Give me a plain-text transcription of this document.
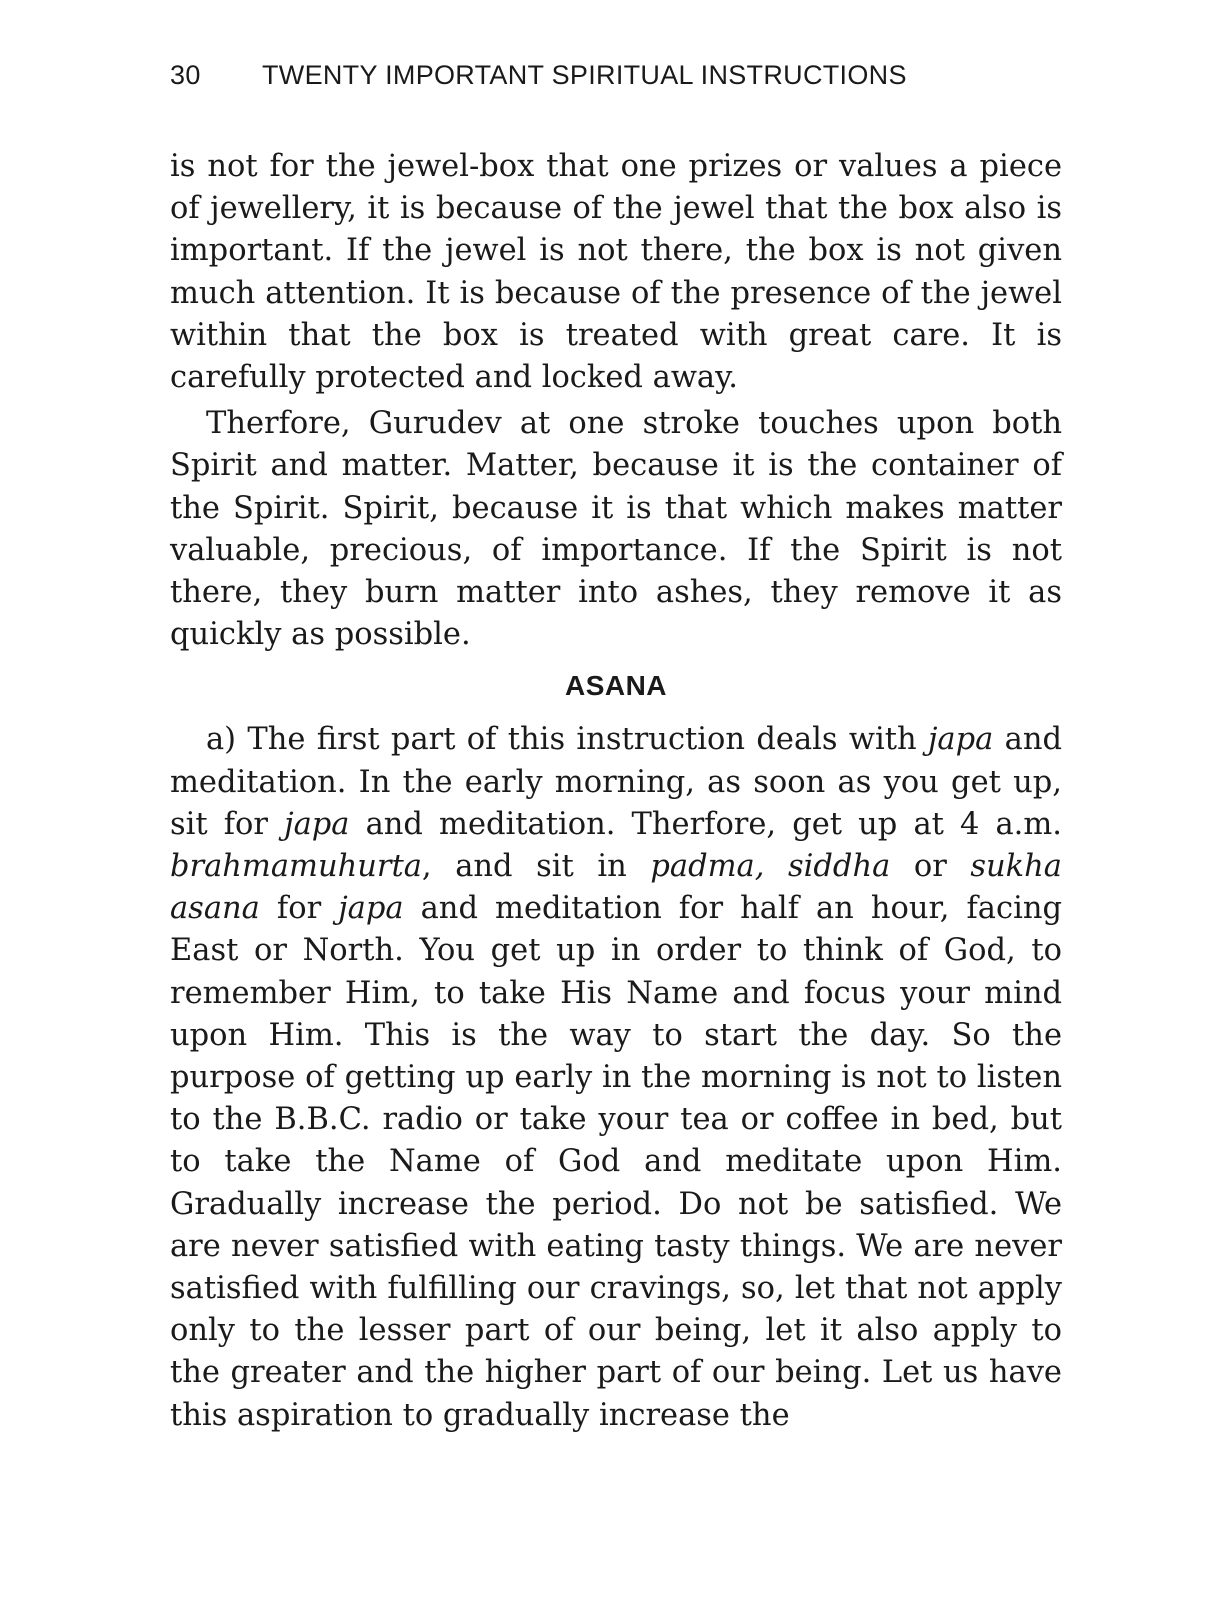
30 TWENTY IMPORTANT SPIRITUAL INSTRUCTIONS

is not for the jewel-box that one prizes or values a piece of jewellery, it is because of the jewel that the box also is important. If the jewel is not there, the box is not given much attention. It is because of the presence of the jewel within that the box is treated with great care. It is carefully protected and locked away.

Therfore, Gurudev at one stroke touches upon both Spirit and matter. Matter, because it is the container of the Spirit. Spirit, because it is that which makes matter valuable, precious, of importance. If the Spirit is not there, they burn matter into ashes, they remove it as quickly as possible.

ASANA

a) The first part of this instruction deals with japa and meditation. In the early morning, as soon as you get up, sit for japa and meditation. Therfore, get up at 4 a.m. brahmamuhurta, and sit in padma, siddha or sukha asana for japa and meditation for half an hour, facing East or North. You get up in order to think of God, to remember Him, to take His Name and focus your mind upon Him. This is the way to start the day. So the purpose of getting up early in the morning is not to listen to the B.B.C. radio or take your tea or coffee in bed, but to take the Name of God and meditate upon Him. Gradually increase the period. Do not be satisfied. We are never satisfied with eating tasty things. We are never satisfied with fulfilling our cravings, so, let that not apply only to the lesser part of our being, let it also apply to the greater and the higher part of our being. Let us have this aspiration to gradually increase the
